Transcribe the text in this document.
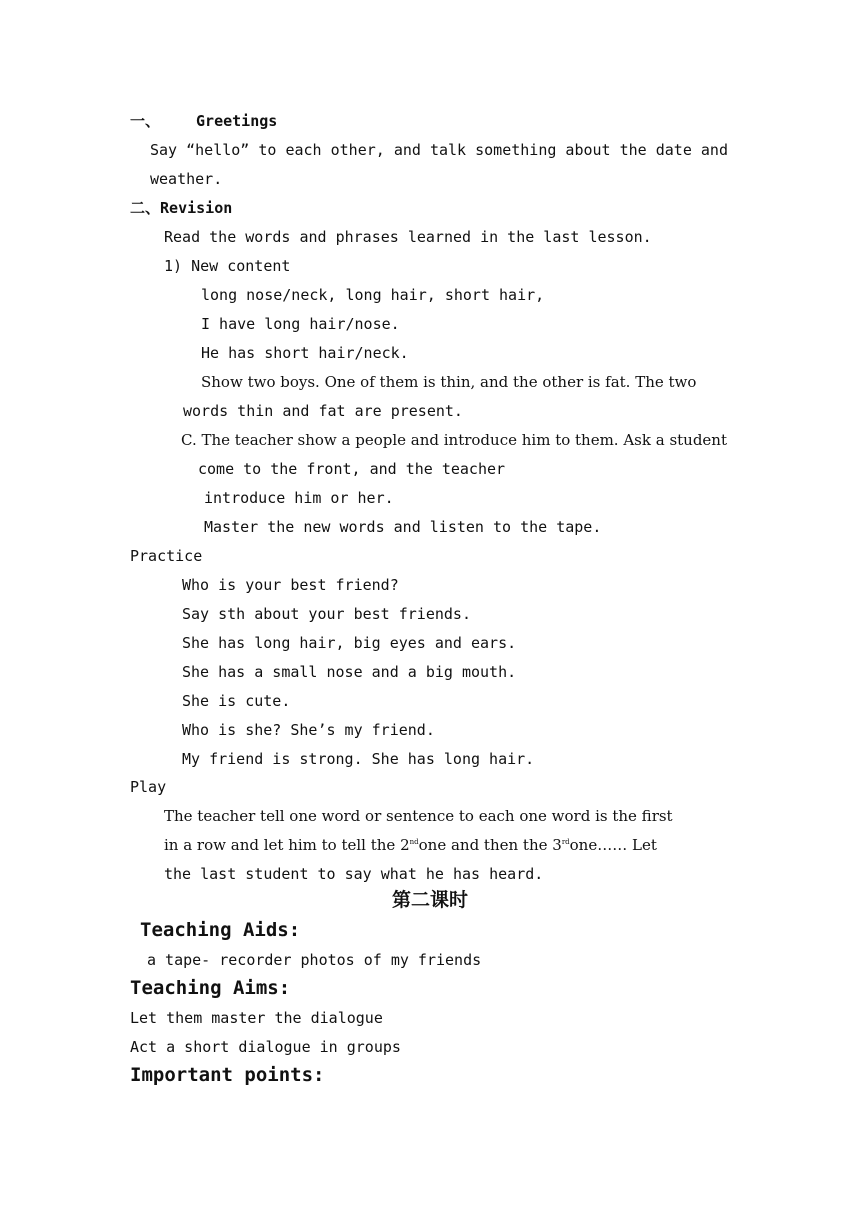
一、 Greetings
Say “hello” to each other, and talk something about the date and
weather.
二、Revision
Read the words and phrases learned in the last lesson.
1) New content
long nose/neck, long hair, short hair,
I have long hair/nose.
He has short hair/neck.
Show two boys. One of them is thin, and the other is fat. The two
words thin and fat are present.
C. The teacher show a people and introduce him to them. Ask a student
come to the front, and the teacher
introduce him or her.
Master the new words and listen to the tape.
Practice
Who is your best friend?
Say sth about your best friends.
She has long hair, big eyes and ears.
She has a small nose and a big mouth.
She is cute.
Who is she? She’s my friend.
My friend is strong. She has long hair.
Play
The teacher tell one word or sentence to each one word is the first
in a row and let him to tell the 2ndone and then the 3rdone…… Let
the last student to say what he has heard.
第二课时
Teaching Aids:
a tape- recorder photos of my friends
Teaching Aims:
Let them master the dialogue
Act a short dialogue in groups
Important points:
